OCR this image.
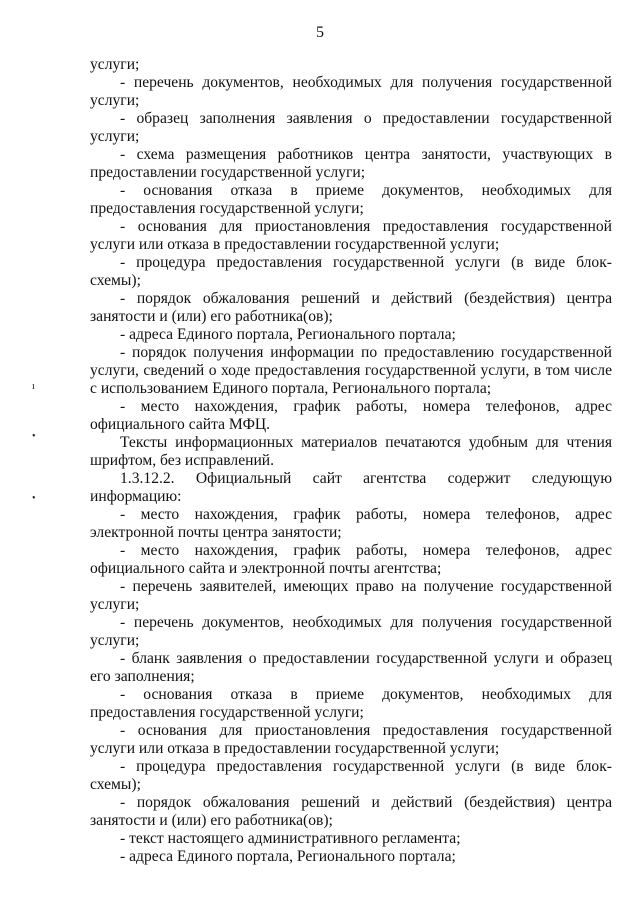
5
ı
•
•

услуги;

- перечень документов, необходимых для получения государственной услуги;

- образец заполнения заявления о предоставлении государственной услуги;

- схема размещения работников центра занятости, участвующих в предоставлении государственной услуги;

- основания отказа в приеме документов, необходимых для предоставления государственной услуги;

- основания для приостановления предоставления государственной услуги или отказа в предоставлении государственной услуги;

- процедура предоставления государственной услуги (в виде блок-схемы);

- порядок обжалования решений и действий (бездействия) центра занятости и (или) его работника(ов);

- адреса Единого портала, Регионального портала;

- порядок получения информации по предоставлению государственной услуги, сведений о ходе предоставления государственной услуги, в том числе с использованием Единого портала, Регионального портала;

- место нахождения, график работы, номера телефонов, адрес официального сайта МФЦ.

Тексты информационных материалов печатаются удобным для чтения шрифтом, без исправлений.

1.3.12.2. Официальный сайт агентства содержит следующую информацию:

- место нахождения, график работы, номера телефонов, адрес электронной почты центра занятости;

- место нахождения, график работы, номера телефонов, адрес официального сайта и электронной почты агентства;

- перечень заявителей, имеющих право на получение государственной услуги;

- перечень документов, необходимых для получения государственной услуги;

- бланк заявления о предоставлении государственной услуги и образец его заполнения;

- основания отказа в приеме документов, необходимых для предоставления государственной услуги;

- основания для приостановления предоставления государственной услуги или отказа в предоставлении государственной услуги;

- процедура предоставления государственной услуги (в виде блок-схемы);

- порядок обжалования решений и действий (бездействия) центра занятости и (или) его работника(ов);

- текст настоящего административного регламента;

- адреса Единого портала, Регионального портала;
